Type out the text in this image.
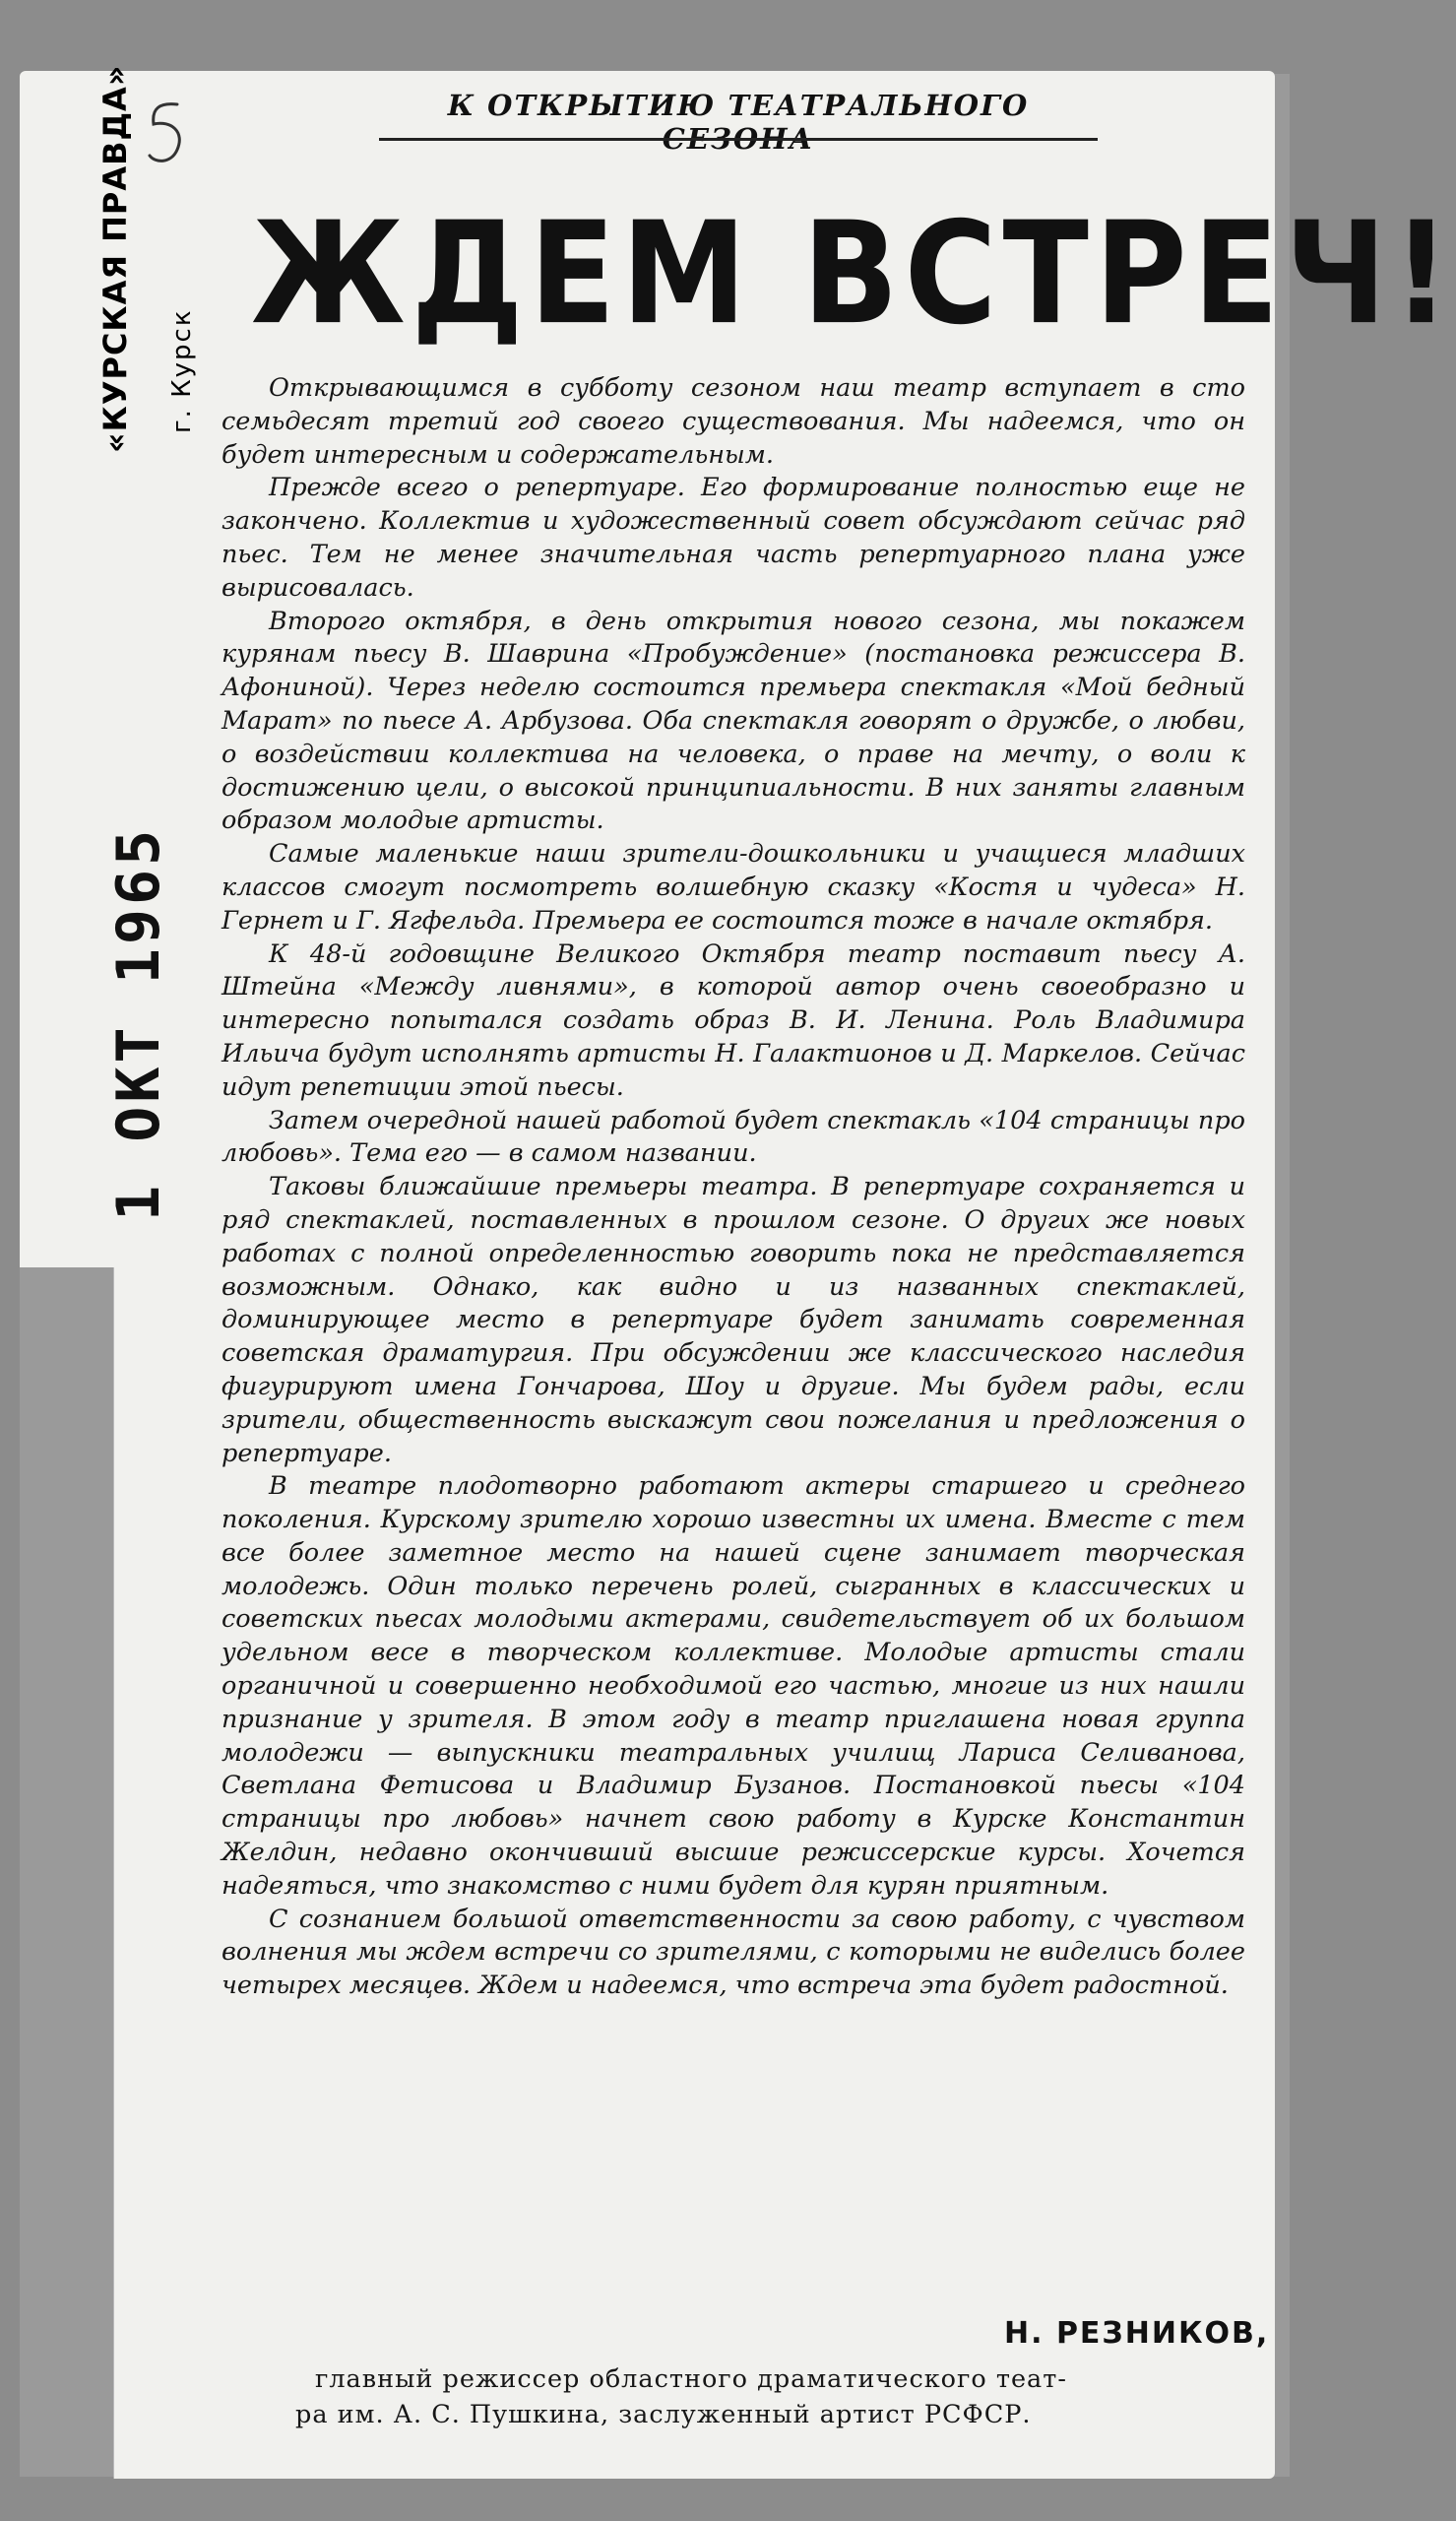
«КУРСКАЯ ПРАВДА» г. Курск
1 ОКТ 1965
К ОТКРЫТИЮ ТЕАТРАЛЬНОГО СЕЗОНА
ЖДЕМ ВСТРЕЧ!

Открывающимся в субботу сезоном наш театр вступает в сто семьдесят третий год своего существования. Мы надеемся, что он будет интересным и содержательным.

Прежде всего о репертуаре. Его формирование полностью еще не закончено. Коллектив и художественный совет обсуждают сейчас ряд пьес. Тем не менее значительная часть репертуарного плана уже вырисовалась.

Второго октября, в день открытия нового сезона, мы покажем курянам пьесу В. Шаврина «Пробуждение» (постановка режиссера В. Афониной). Через неделю состоится премьера спектакля «Мой бедный Марат» по пьесе А. Арбузова. Оба спектакля говорят о дружбе, о любви, о воздействии коллектива на человека, о праве на мечту, о воли к достижению цели, о высокой принципиальности. В них заняты главным образом молодые артисты.

Самые маленькие наши зрители-дошкольники и учащиеся младших классов смогут посмотреть волшебную сказку «Костя и чудеса» Н. Гернет и Г. Ягфельда. Премьера ее состоится тоже в начале октября.

К 48-й годовщине Великого Октября театр поставит пьесу А. Штейна «Между ливнями», в которой автор очень своеобразно и интересно попытался создать образ В. И. Ленина. Роль Владимира Ильича будут исполнять артисты Н. Галактионов и Д. Маркелов. Сейчас идут репетиции этой пьесы.

Затем очередной нашей работой будет спектакль «104 страницы про любовь». Тема его — в самом названии.

Таковы ближайшие премьеры театра. В репертуаре сохраняется и ряд спектаклей, поставленных в прошлом сезоне. О других же новых работах с полной определенностью говорить пока не представляется возможным. Однако, как видно и из названных спектаклей, доминирующее место в репертуаре будет занимать современная советская драматургия. При обсуждении же классического наследия фигурируют имена Гончарова, Шоу и другие. Мы будем рады, если зрители, общественность выскажут свои пожелания и предложения о репертуаре.

В театре плодотворно работают актеры старшего и среднего поколения. Курскому зрителю хорошо известны их имена. Вместе с тем все более заметное место на нашей сцене занимает творческая молодежь. Один только перечень ролей, сыгранных в классических и советских пьесах молодыми актерами, свидетельствует об их большом удельном весе в творческом коллективе. Молодые артисты стали органичной и совершенно необходимой его частью, многие из них нашли признание у зрителя. В этом году в театр приглашена новая группа молодежи — выпускники театральных училищ Лариса Селиванова, Светлана Фетисова и Владимир Бузанов. Постановкой пьесы «104 страницы про любовь» начнет свою работу в Курске Константин Желдин, недавно окончивший высшие режиссерские курсы. Хочется надеяться, что знакомство с ними будет для курян приятным.

С сознанием большой ответственности за свою работу, с чувством волнения мы ждем встречи со зрителями, с которыми не виделись более четырех месяцев. Ждем и надеемся, что встреча эта будет радостной.

Н. РЕЗНИКОВ,
главный режиссер областного драматического теат-
ра им. А. С. Пушкина, заслуженный артист РСФСР.
